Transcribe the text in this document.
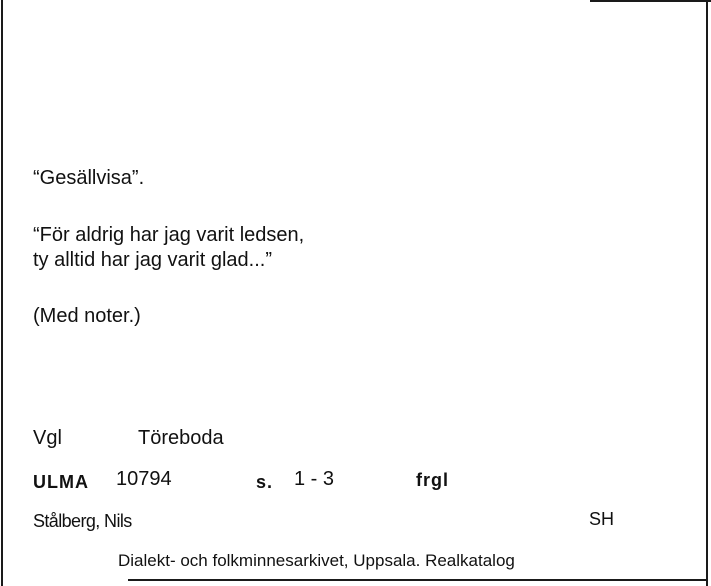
“Gesällvisa”.
“För aldrig har jag varit ledsen,
ty alltid har jag varit glad...”
(Med noter.)
Vgl	Töreboda
ULMA 10794	s. 1 - 3	frgl
Stålberg, Nils	SH
Dialekt- och folkminnesarkivet, Uppsala. Realkatalog
